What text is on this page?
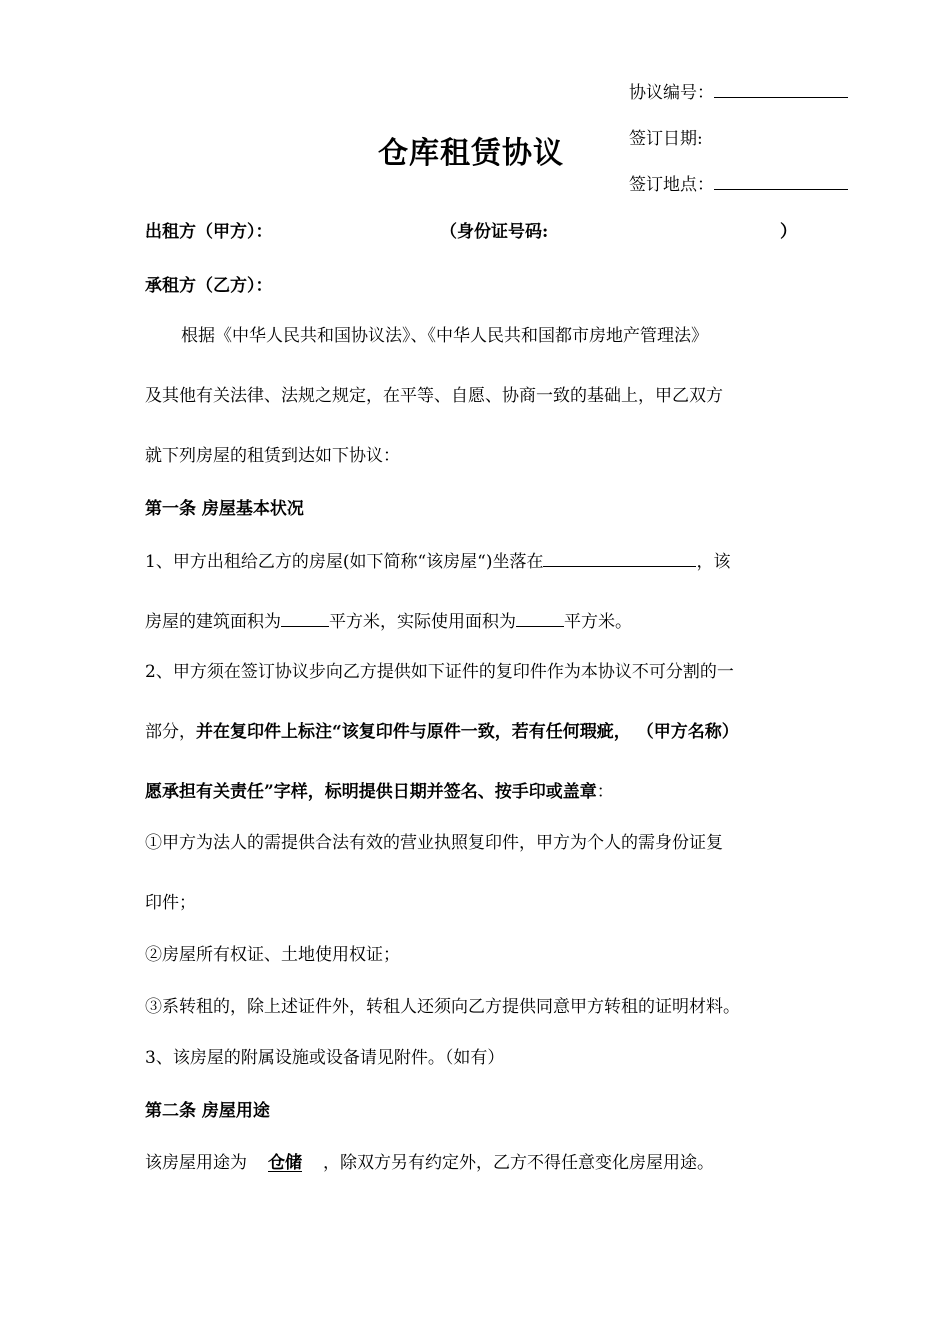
协议编号：
签订日期:
签订地点：
仓库租赁协议
出租方（甲方）：	（身份证号码:	）
承租方（乙方）：
根据《中华人民共和国协议法》、《中华人民共和国都市房地产管理法》
及其他有关法律、法规之规定，在平等、自愿、协商一致的基础上，甲乙双方
就下列房屋的租赁到达如下协议：
第一条 房屋基本状况
1、甲方出租给乙方的房屋(如下简称“该房屋“)坐落在	，该
房屋的建筑面积为	平方米，实际使用面积为	平方米。
2、甲方须在签订协议步向乙方提供如下证件的复印件作为本协议不可分割的一
部分，并在复印件上标注“该复印件与原件一致，若有任何瑕疵， （甲方名称）
愿承担有关责任”字样，标明提供日期并签名、按手印或盖章：
①甲方为法人的需提供合法有效的营业执照复印件，甲方为个人的需身份证复
印件；
②房屋所有权证、土地使用权证；
③系转租的，除上述证件外，转租人还须向乙方提供同意甲方转租的证明材料。
3、该房屋的附属设施或设备请见附件。（如有）
第二条 房屋用途
该房屋用途为 仓储 ，除双方另有约定外，乙方不得任意变化房屋用途。
